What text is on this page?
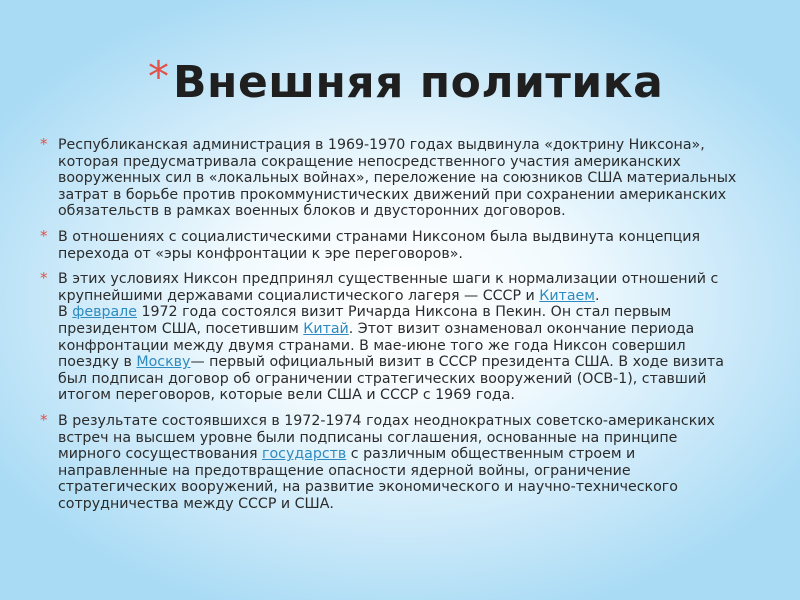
* Внешняя политика
* Республиканская администрация в 1969-1970 годах выдвинула «доктрину Никсона», которая предусматривала сокращение непосредственного участия американских вооруженных сил в «локальных войнах», переложение на союзников США материальных затрат в борьбе против прокоммунистических движений при сохранении американских обязательств в рамках военных блоков и двусторонних договоров.
* В отношениях с социалистическими странами Никсоном была выдвинута концепция перехода от «эры конфронтации к эре переговоров».
* В этих условиях Никсон предпринял существенные шаги к нормализации отношений с крупнейшими державами социалистического лагеря — СССР и Китаем.
В феврале 1972 года состоялся визит Ричарда Никсона в Пекин. Он стал первым президентом США, посетившим Китай. Этот визит ознаменовал окончание периода конфронтации между двумя странами. В мае-июне того же года Никсон совершил поездку в Москву— первый официальный визит в СССР президента США. В ходе визита был подписан договор об ограничении стратегических вооружений (ОСВ-1), ставший итогом переговоров, которые вели США и СССР с 1969 года.
* В результате состоявшихся в 1972-1974 годах неоднократных советско-американских встреч на высшем уровне были подписаны соглашения, основанные на принципе мирного сосуществования государств с различным общественным строем и направленные на предотвращение опасности ядерной войны, ограничение стратегических вооружений, на развитие экономического и научно-технического сотрудничества между СССР и США.
